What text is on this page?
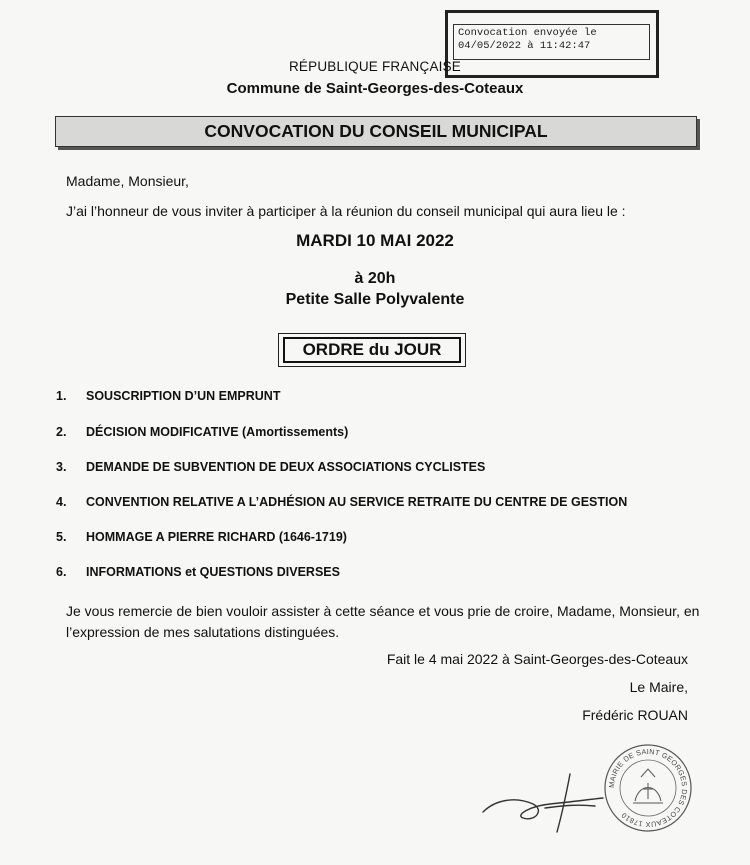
Convocation envoyée le
04/05/2022 à 11:42:47
RÉPUBLIQUE FRANÇAISE
Commune de Saint-Georges-des-Coteaux
CONVOCATION DU CONSEIL MUNICIPAL
Madame, Monsieur,
J’ai l’honneur de vous inviter à participer à la réunion du conseil municipal qui aura lieu le :
MARDI 10 MAI 2022
à 20h
Petite Salle Polyvalente
ORDRE du JOUR
1.	SOUSCRIPTION D’UN EMPRUNT
2.	DÉCISION MODIFICATIVE (Amortissements)
3.	DEMANDE DE SUBVENTION DE DEUX ASSOCIATIONS CYCLISTES
4.	CONVENTION RELATIVE A L’ADHÉSION AU SERVICE RETRAITE DU CENTRE DE GESTION
5.	HOMMAGE A PIERRE RICHARD (1646-1719)
6.	INFORMATIONS et QUESTIONS DIVERSES
Je vous remercie de bien vouloir assister à cette séance et vous prie de croire, Madame, Monsieur, en l’expression de mes salutations distinguées.
Fait le 4 mai 2022 à Saint-Georges-des-Coteaux
Le Maire,
Frédéric ROUAN
MAIRIE DE SAINT GEORGES DES COTEAUX 17810
